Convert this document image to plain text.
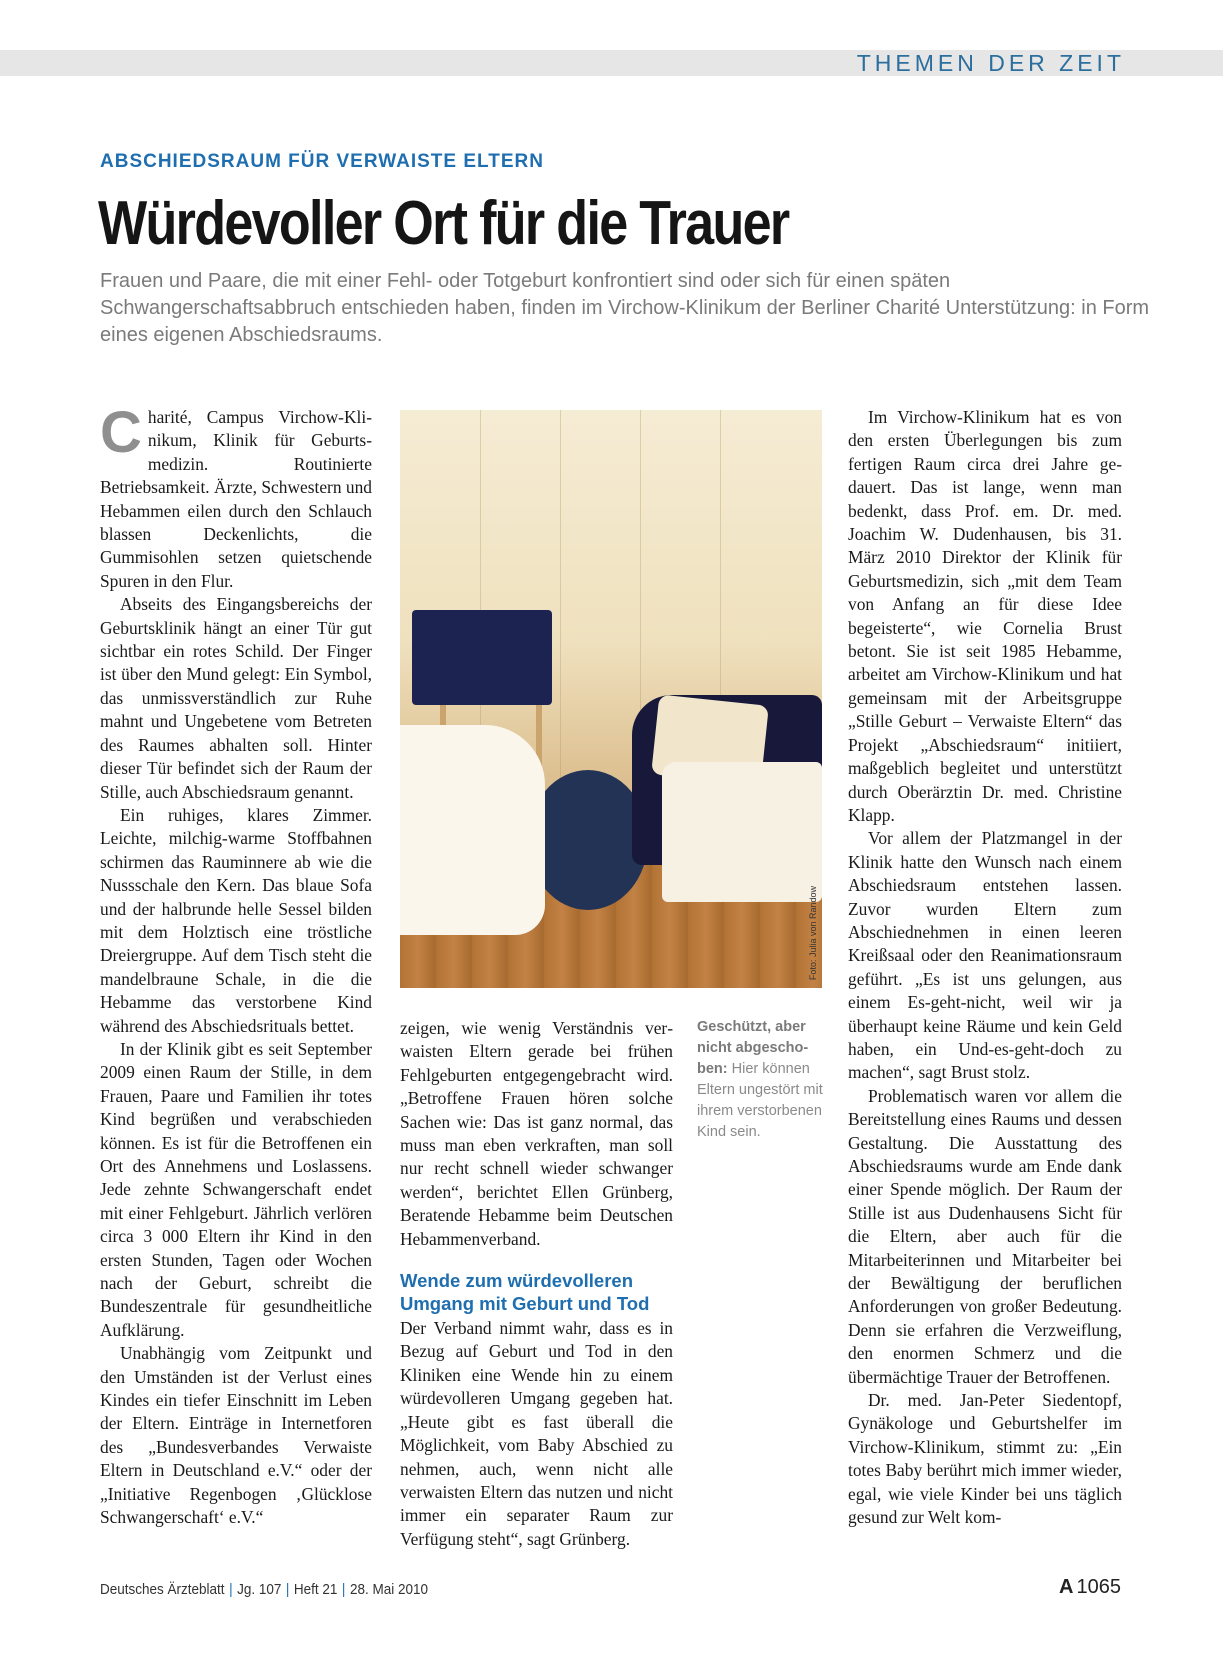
THEMEN DER ZEIT
ABSCHIEDSRAUM FÜR VERWAISTE ELTERN
Würdevoller Ort für die Trauer

Frauen und Paare, die mit einer Fehl- oder Totgeburt konfrontiert sind oder sich für einen späten Schwangerschaftsabbruch entschieden haben, finden im Virchow-Klinikum der Berliner Charité Unterstützung: in Form eines eigenen Abschiedsraums.

Charité, Campus Virchow-Klinikum, Klinik für Geburtsmedizin. Routinierte Betriebsamkeit. Ärzte, Schwestern und Hebammen eilen durch den Schlauch blassen Deckenlichts, die Gummisohlen setzen quietschende Spuren in den Flur.

Abseits des Eingangsbereichs der Geburtsklinik hängt an einer Tür gut sichtbar ein rotes Schild. Der Finger ist über den Mund gelegt: Ein Symbol, das unmissverständlich zur Ruhe mahnt und Ungebetene vom Betreten des Raumes abhalten soll. Hinter dieser Tür befindet sich der Raum der Stille, auch Abschiedsraum genannt.

Ein ruhiges, klares Zimmer. Leichte, milchig-warme Stoffbahnen schirmen das Rauminnere ab wie die Nussschale den Kern. Das blaue Sofa und der halbrunde helle Sessel bilden mit dem Holztisch eine tröstliche Dreiergruppe. Auf dem Tisch steht die mandelbraune Schale, in die die Hebamme das verstorbene Kind während des Abschiedsrituals bettet.

In der Klinik gibt es seit September 2009 einen Raum der Stille, in dem Frauen, Paare und Familien ihr totes Kind begrüßen und verabschieden können. Es ist für die Betroffenen ein Ort des Annehmens und Loslassens. Jede zehnte Schwangerschaft endet mit einer Fehlgeburt. Jährlich verlören circa 3 000 Eltern ihr Kind in den ersten Stunden, Tagen oder Wochen nach der Geburt, schreibt die Bundeszentrale für gesundheitliche Aufklärung.

Unabhängig vom Zeitpunkt und den Umständen ist der Verlust eines Kindes ein tiefer Einschnitt im Leben der Eltern. Einträge in Internetforen des „Bundesverbandes Verwaiste Eltern in Deutschland e.V.“ oder der „Initiative Regenbogen ‚Glücklose Schwangerschaft‘ e.V.“

Foto: Julia von Randow
Geschützt, aber nicht abgeschoben: Hier können Eltern ungestört mit ihrem verstorbenen Kind sein.

zeigen, wie wenig Verständnis verwaisten Eltern gerade bei frühen Fehlgeburten entgegengebracht wird. „Betroffene Frauen hören solche Sachen wie: Das ist ganz normal, das muss man eben verkraften, man soll nur recht schnell wieder schwanger werden“, berichtet Ellen Grünberg, Beratende Hebamme beim Deutschen Hebammenverband.

Wende zum würdevolleren Umgang mit Geburt und Tod

Der Verband nimmt wahr, dass es in Bezug auf Geburt und Tod in den Kliniken eine Wende hin zu einem würdevolleren Umgang gegeben hat. „Heute gibt es fast überall die Möglichkeit, vom Baby Abschied zu nehmen, auch, wenn nicht alle verwaisten Eltern das nutzen und nicht immer ein separater Raum zur Verfügung steht“, sagt Grünberg.

Im Virchow-Klinikum hat es von den ersten Überlegungen bis zum fertigen Raum circa drei Jahre gedauert. Das ist lange, wenn man bedenkt, dass Prof. em. Dr. med. Joachim W. Dudenhausen, bis 31. März 2010 Direktor der Klinik für Geburtsmedizin, sich „mit dem Team von Anfang an für diese Idee begeisterte“, wie Cornelia Brust betont. Sie ist seit 1985 Hebamme, arbeitet am Virchow-Klinikum und hat gemeinsam mit der Arbeitsgruppe „Stille Geburt – Verwaiste Eltern“ das Projekt „Abschiedsraum“ initiiert, maßgeblich begleitet und unterstützt durch Oberärztin Dr. med. Christine Klapp.

Vor allem der Platzmangel in der Klinik hatte den Wunsch nach einem Abschiedsraum entstehen lassen. Zuvor wurden Eltern zum Abschiednehmen in einen leeren Kreißsaal oder den Reanimationsraum geführt. „Es ist uns gelungen, aus einem Es-geht-nicht, weil wir ja überhaupt keine Räume und kein Geld haben, ein Und-es-geht-doch zu machen“, sagt Brust stolz.

Problematisch waren vor allem die Bereitstellung eines Raums und dessen Gestaltung. Die Ausstattung des Abschiedsraums wurde am Ende dank einer Spende möglich. Der Raum der Stille ist aus Dudenhausens Sicht für die Eltern, aber auch für die Mitarbeiterinnen und Mitarbeiter bei der Bewältigung der beruflichen Anforderungen von großer Bedeutung. Denn sie erfahren die Verzweiflung, den enormen Schmerz und die übermächtige Trauer der Betroffenen.

Dr. med. Jan-Peter Siedentopf, Gynäkologe und Geburtshelfer im Virchow-Klinikum, stimmt zu: „Ein totes Baby berührt mich immer wieder, egal, wie viele Kinder bei uns täglich gesund zur Welt kom-

Deutsches Ärzteblatt | Jg. 107 | Heft 21 | 28. Mai 2010	A 1065
